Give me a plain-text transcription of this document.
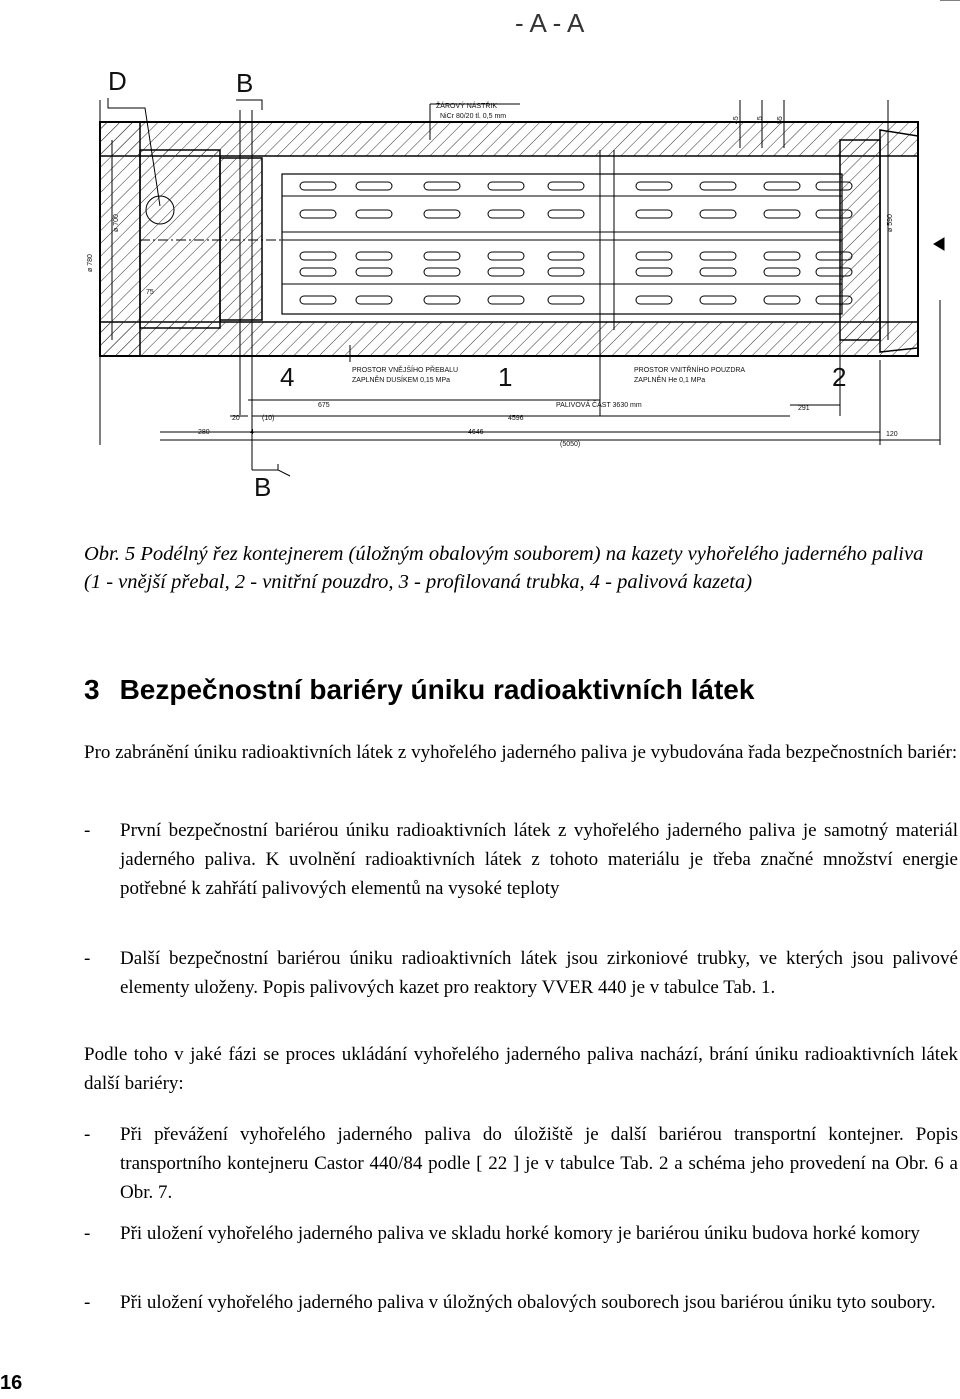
- A - A
D	B
B
4	1	2
ŽÁROVÝ NÁSTŘIK
NiCr 80/20 tl. 0,5 mm
PROSTOR VNĚJŠÍHO PŘEBALU
ZAPLNĚN DUSÍKEM 0,15 MPa
PROSTOR VNITŘNÍHO POUZDRA
ZAPLNĚN He 0,1 MPa
PALIVOVÁ ČÁST 3630 mm
ø 780
ø 700	ø 590
75
45 15 55
675
4596
291
20	(10)
280	4	4646	120
(5050)
Obr. 5 Podélný řez kontejnerem (úložným obalovým souborem) na kazety vyhořelého jaderného paliva (1 - vnější přebal, 2 - vnitřní pouzdro, 3 - profilovaná trubka, 4 - palivová kazeta)
3 Bezpečnostní bariéry úniku radioaktivních látek
Pro zabránění úniku radioaktivních látek z vyhořelého jaderného paliva je vybudována řada bezpečnostních bariér:
- První bezpečnostní bariérou úniku radioaktivních látek z vyhořelého jaderného paliva je samotný materiál jaderného paliva. K uvolnění radioaktivních látek z tohoto materiálu je třeba značné množství energie potřebné k zahřátí palivových elementů na vysoké teploty
- Další bezpečnostní bariérou úniku radioaktivních látek jsou zirkoniové trubky, ve kterých jsou palivové elementy uloženy. Popis palivových kazet pro reaktory VVER 440 je v tabulce Tab. 1.
Podle toho v jaké fázi se proces ukládání vyhořelého jaderného paliva nachází, brání úniku radioaktivních látek další bariéry:
- Při převážení vyhořelého jaderného paliva do úložiště je další bariérou transportní kontejner. Popis transportního kontejneru Castor 440/84 podle [ 22 ] je v tabulce Tab. 2 a schéma jeho provedení na Obr. 6 a Obr. 7.
- Při uložení vyhořelého jaderného paliva ve skladu horké komory je bariérou úniku budova horké komory
- Při uložení vyhořelého jaderného paliva v úložných obalových souborech jsou bariérou úniku tyto soubory.
16
